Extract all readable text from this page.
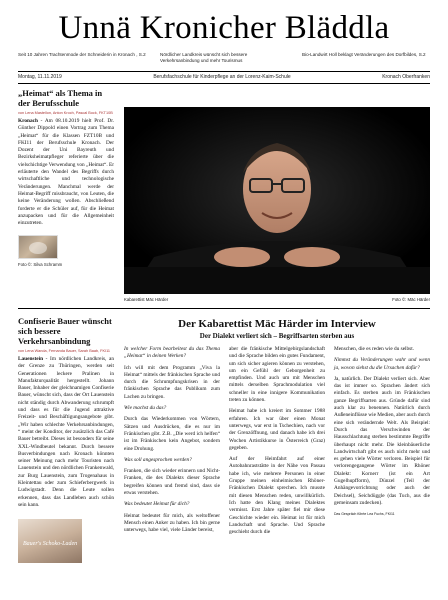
Unnä Kronicher Bläddla
Seit 10 Jahren Trachtenmode der Schneiderin in Kronach , S.2	Nördlicher Landkreis wünscht sich bessere Verkehrsanbindung und mehr Tourismus
Bio-Landwirt Holl beklagt Veränderungen des Dorfbildes, S.2
Montag, 11.11.2019	Berufsfachschule für Kinderpflege an der Lorenz-Kaim-Schule	Kronach Oberfranken
„Heimat“ als Thema in der Berufsschule
von Lena Mastellon, Anton Kroch, Pascal Bock, FKT10B
Kronach - Am 08.10.2019 hielt Prof. Dr. Günther Dippold einen Vortrag zum Thema „Heimat“ für die Klassen FZT10B und FKI11 der Berufsschule Kronach. Der Dozent der Uni Bayreuth und Bezirksheimatpfleger referierte über die vielschichtige Verwendung von „Heimat“. Er erläuterte den Wandel des Begriffs durch wirtschaftliche und technologische Veränderungen. Manchmal werde der Heimat-Begriff missbraucht, von Leuten, die keine Veränderung wollen. Abschließend forderte er die Schüler auf, für die Heimat anzupacken und für die Allgemeinheit einzutreten.
Foto ©: Silva Schramm
Kabarettist Mäc Härder	Foto ©: Mäc Härder
Confiserie Bauer wünscht sich bessere Verkehrsanbindung
von Lena Wanda, Fernanda Bauer, Sarah Baab, FKI11
Lauenstein - Im nördlichen Landkreis, an der Grenze zu Thüringen, werden seit Generationen leckere Pralinen in Manufakturqualität hergestellt. Johann Bauer, Inhaber der gleichnamigen Confiserie Bauer, wünscht sich, dass der Ort Lauenstein nicht ständig durch Abwanderung schrumpft und dass es für die Jugend attraktive Freizeit- und Beschäftigungsangebote gibt. „Wir haben schlechte Verkehrsanbindungen, “ meint der Konditor, der zusätzlich das Café Bauer betreibt. Dieses ist besonders für seine XXL-Windbeutel bekannt. Durch bessere Busverbindungen nach Kronach könnten seiner Meinung nach mehr Touristen nach Lauenstein und den nördlichen Frankenwald, zur Burg Lauenstein, zum Trogenahaus in Kleintettau oder zum Schieferbergwerk in Ludwigstadt. Denn die Leute sollen erkennen, dass das Landleben auch schön sein kann.
Bauer's Schoko-Laden
Der Kabarettist Mäc Härder im Interview
Der Dialekt verliert sich – Begriffsarten sterben aus

In welcher Form bearbeitest du das Thema „Heimat“ in deinen Werken?

Ich will mit dem Programm „Viva la Heimat“ mittels der fränkischen Sprache und durch die Schrumpfungskrisen in der fränkischen Sprache das Publikum zum Lachen zu bringen.

Wie machst du das?

Durch das Wiederkommen von Wörtern, Sätzen und Ausdrücken, die es nur im Fränkischen gibt. Z.B. „Die werd ich helfen“ ist im Fränkischen kein Angebot, sondern eine Drohung.

Was soll angesprochen werden?

Franken, die sich wieder erinnern und Nicht-Franken, die des Dialekts dieser Sprache begreifen können und fremd sind, dass sie etwas verstehen.

Was bedeutet Heimat für dich?

Heimat bedeutet für mich, als weltoffener Mensch einen Anker zu haben. Ich bin gerne unterwegs, habe viel, viele Länder bereist,

aber die fränkische Mittelgebirgslandschaft und die Sprache bilden ein gutes Fundament, um sich sicher agieren können zu verstehen, um ein Gefühl der Geborgenheit zu empfinden. Und auch um mit Menschen mittels derselben Sprachmodulation viel schneller in eine innigere Kommunikation treten zu können.

Heimat habe ich kreiert im Sommer 1988 erfahren. Ich war über einen Monat unterwegs, war erst in Tschechien, nach vor der Grenzöffnung, und danach habe ich drei Wochen Artistikkurse in Österreich (Graz) gegeben.

Auf der Heimfahrt auf einer Autobahnraststätte in der Nähe von Passau habe ich, wie mehrere Personen in einer Gruppe meinen einheimischen Rhöner-Fränkischen Dialekt sprechen. Ich musste mit diesen Menschen reden, unwillkürlich. Ich hatte den Klang meines Dialektes vermisst. Erst Jahre später fiel mir diese Geschichte wieder ein. Heimat ist für mich Landschaft und Sprache. Und Sprache geschieht durch die

Menschen, die es reden wie du selbst.

Nimmst du Veränderungen wahr und wenn ja, wovon siehst du die Ursachen dafür?

Ja, natürlich. Der Dialekt verliert sich. Aber das ist immer so. Sprachen ändert sich einfach. Es sterben auch im Fränkischen ganze Begriffsarten aus. Gründe dafür sind auch klar zu benennen. Natürlich durch Außeneinflüsse wie Medien, aber auch durch eine sich verändernde Welt. Als Beispiel: Durch das Verschwinden der Hausschlachtung sterben bestimmte Begriffe überhaupt nicht mehr. Die kleinbäuerliche Landwirtschaft gibt es auch nicht mehr und es gehen viele Wörter verloren. Beispiel für verlorengegangene Wörter im Rhöner Dialekt: Kornerr (ist ein Art Gugelhupfform), Dünzel (Teil der Anhängevorrichtung oder auch der Deichsel), Seichdüggle (das Tuch, aus die gemeinsam zudecken).

Das Gespräch führte Lea Fuchs, FKI11
